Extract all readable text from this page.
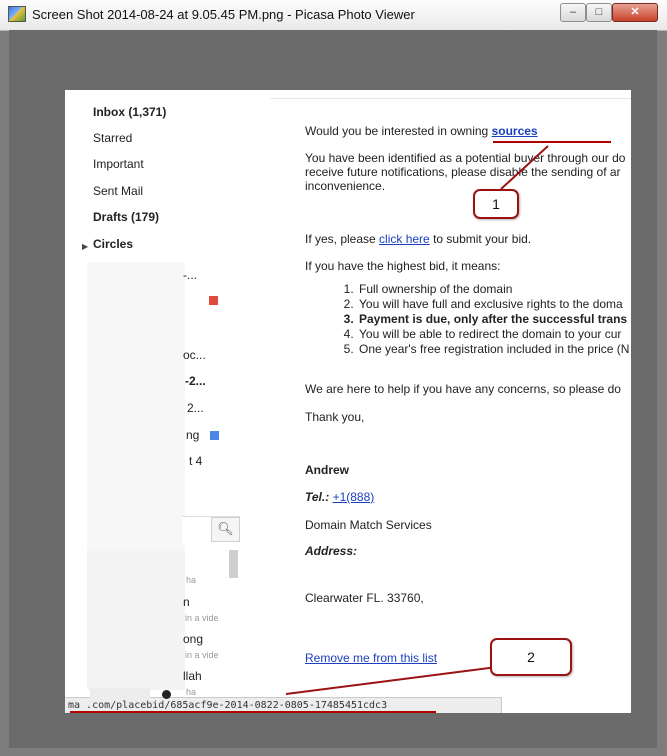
Screen Shot 2014-08-24 at 9.05.45 PM.png - Picasa Photo Viewer	–	□	✕
Inbox (1,371)
Starred
Important
Sent Mail
Drafts (179)
▶ Circles
-...
oc...
-2...
2...
ng
t 4
🔍︎
ha
n
in a vide
ong
in a vide
llah
ha
Would you be interested in owning sources
You have been identified as a potential buyer through our do
receive future notifications, please disable the sending of ar
inconvenience.
If yes, please click here to submit your bid.
If you have the highest bid, it means:
1. Full ownership of the domain
2. You will have full and exclusive rights to the doma
3. Payment is due, only after the successful trans
4. You will be able to redirect the domain to your cur
5. One year's free registration included in the price (N
We are here to help if you have any concerns, so please do
Thank you,
Andrew
Tel.: +1(888)
Domain Match Services
Address:
Clearwater FL. 33760,
Remove me from this list
ma .com/placebid/685acf9e-2014-0822-0805-17485451cdc3
1
2
